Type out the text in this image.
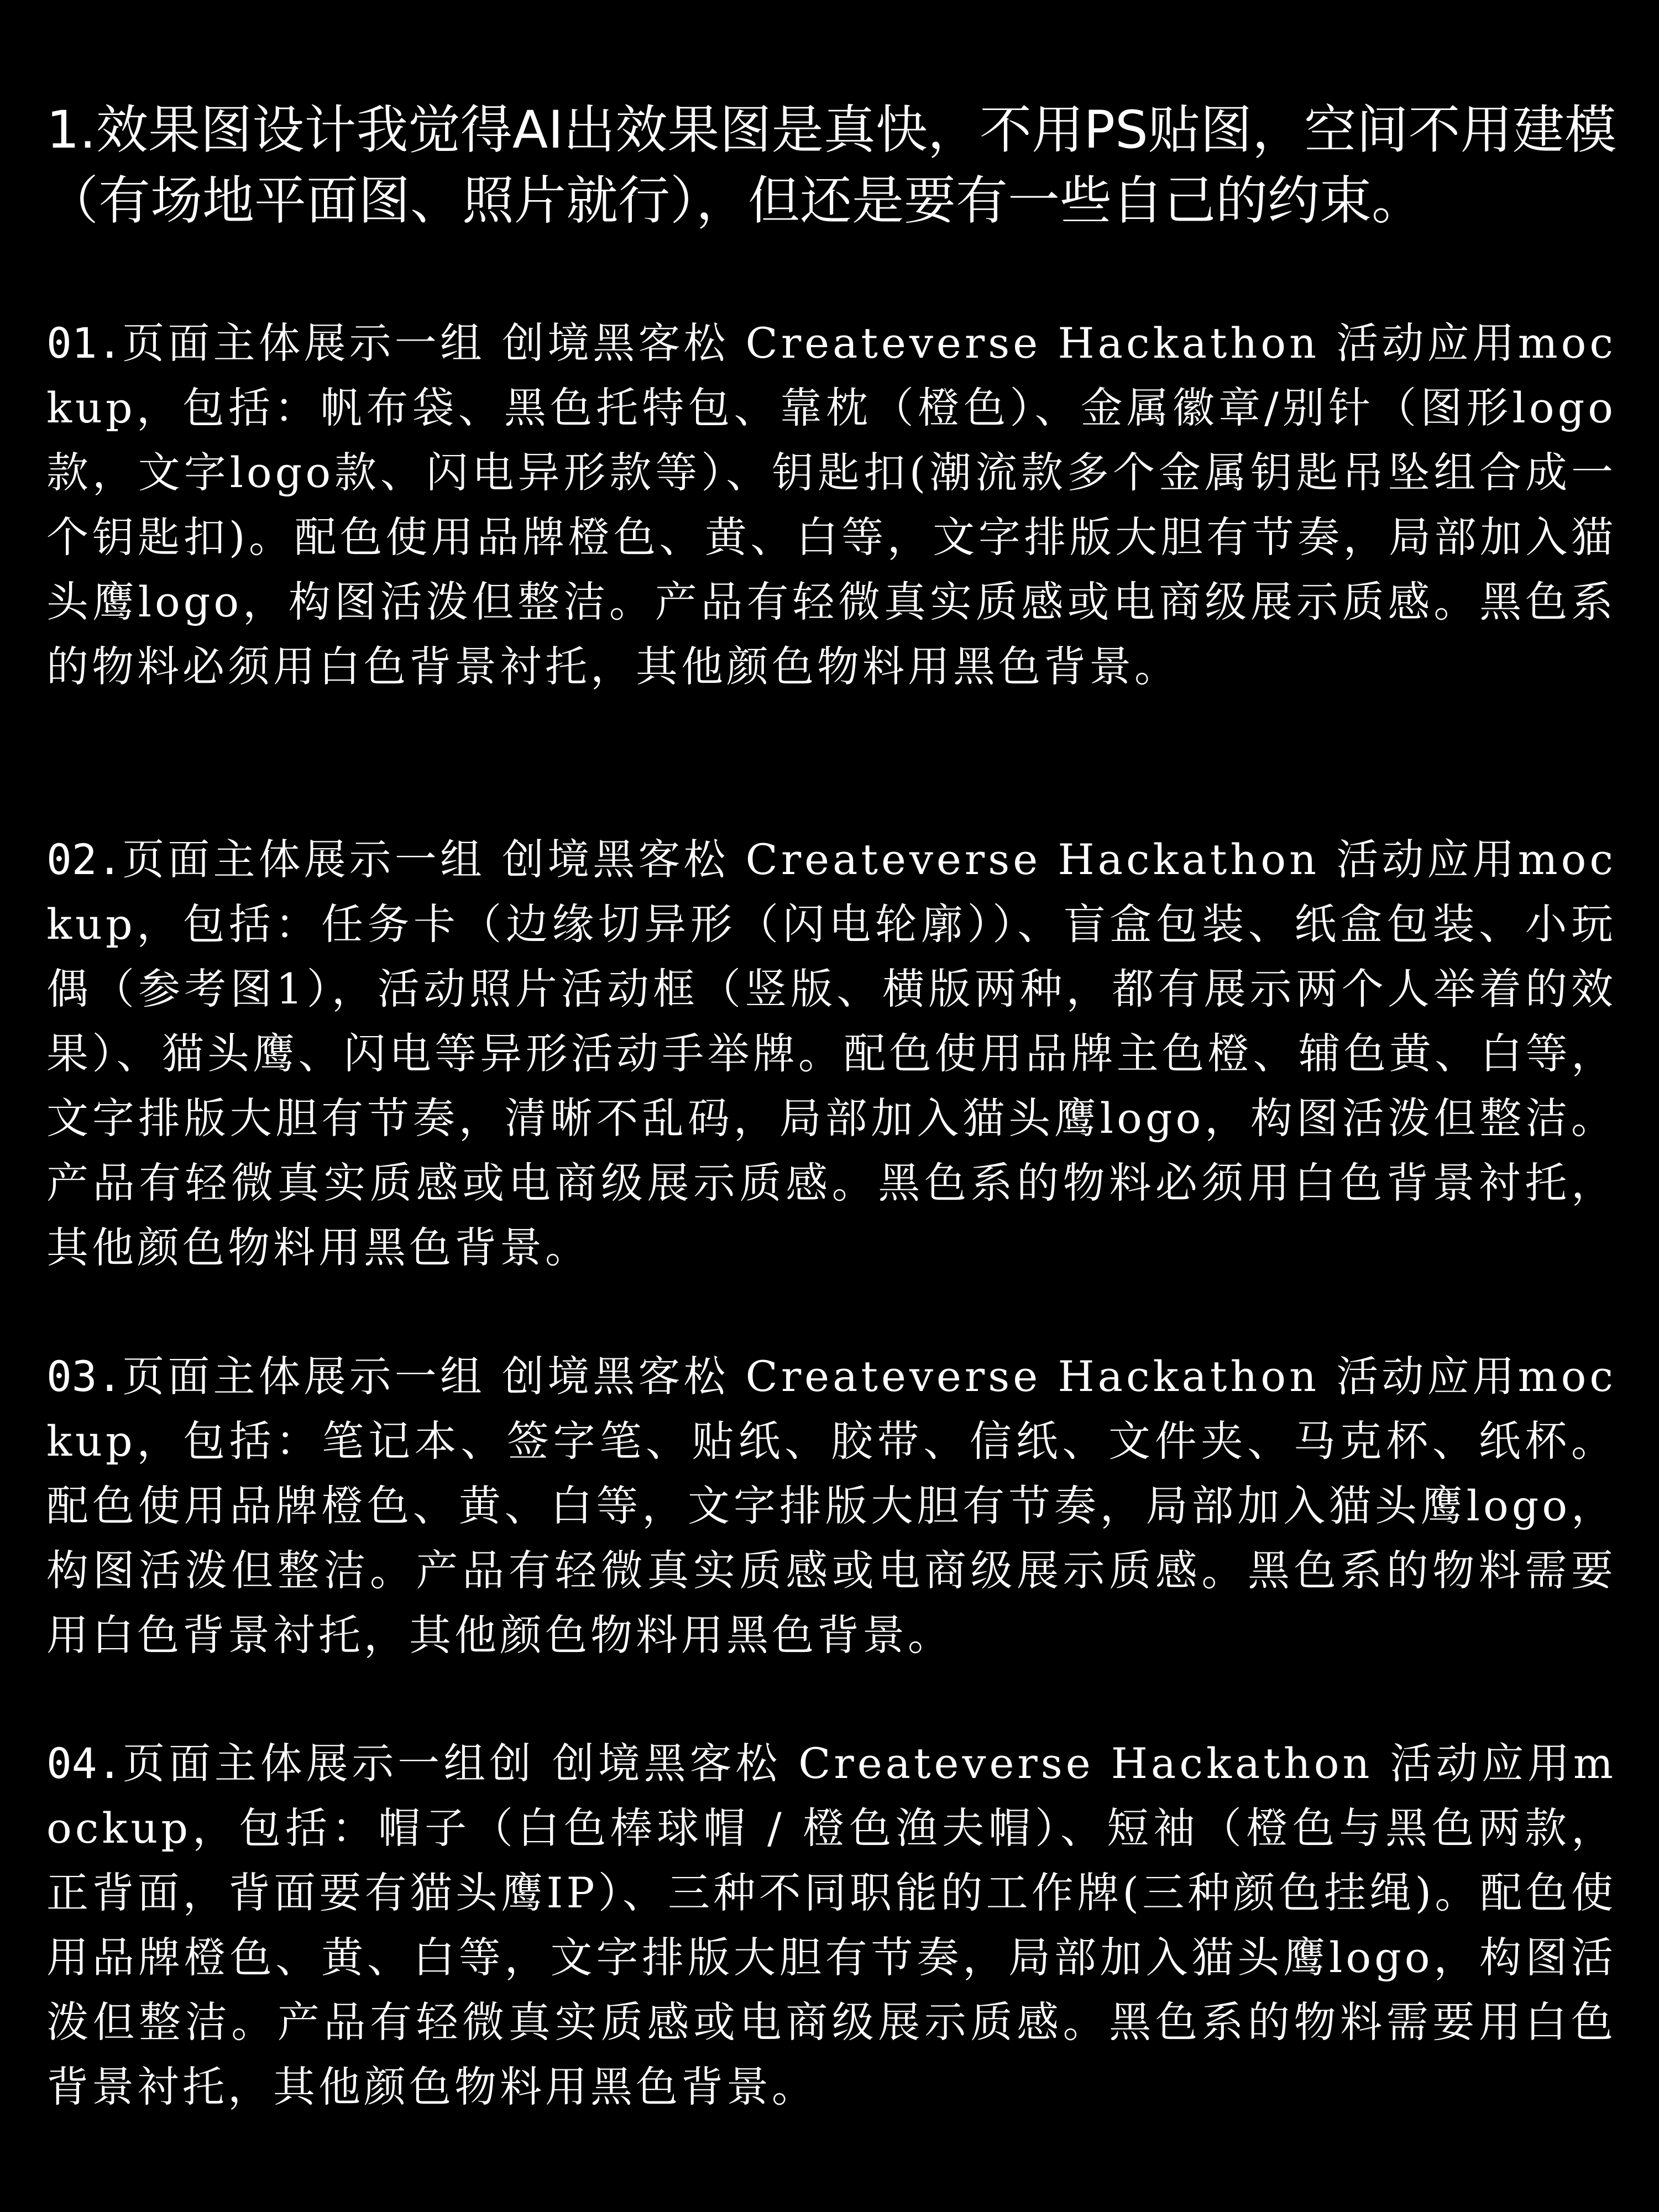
1.效果图设计我觉得AI出效果图是真快，不用PS贴图，空间不用建模（有场地平面图、照片就行），但还是要有一些自己的约束。

01.页面主体展示一组 创境黑客松 Createverse Hackathon 活动应用mockup，包括：帆布袋、黑色托特包、靠枕（橙色）、金属徽章/别针（图形logo款，文字logo款、闪电异形款等）、钥匙扣(潮流款多个金属钥匙吊坠组合成一个钥匙扣)。配色使用品牌橙色、黄、白等，文字排版大胆有节奏，局部加入猫头鹰logo，构图活泼但整洁。产品有轻微真实质感或电商级展示质感。黑色系的物料必须用白色背景衬托，其他颜色物料用黑色背景。

02.页面主体展示一组 创境黑客松 Createverse Hackathon 活动应用mockup，包括：任务卡（边缘切异形（闪电轮廓））、盲盒包装、纸盒包装、小玩偶（参考图1），活动照片活动框（竖版、横版两种，都有展示两个人举着的效果）、猫头鹰、闪电等异形活动手举牌。配色使用品牌主色橙、辅色黄、白等，文字排版大胆有节奏，清晰不乱码，局部加入猫头鹰logo，构图活泼但整洁。产品有轻微真实质感或电商级展示质感。黑色系的物料必须用白色背景衬托，其他颜色物料用黑色背景。

03.页面主体展示一组 创境黑客松 Createverse Hackathon 活动应用mockup，包括：笔记本、签字笔、贴纸、胶带、信纸、文件夹、马克杯、纸杯。配色使用品牌橙色、黄、白等，文字排版大胆有节奏，局部加入猫头鹰logo，构图活泼但整洁。产品有轻微真实质感或电商级展示质感。黑色系的物料需要用白色背景衬托，其他颜色物料用黑色背景。

04.页面主体展示一组创 创境黑客松 Createverse Hackathon 活动应用mockup，包括：帽子（白色棒球帽 / 橙色渔夫帽）、短袖（橙色与黑色两款，正背面，背面要有猫头鹰IP）、三种不同职能的工作牌(三种颜色挂绳)。配色使用品牌橙色、黄、白等，文字排版大胆有节奏，局部加入猫头鹰logo，构图活泼但整洁。产品有轻微真实质感或电商级展示质感。黑色系的物料需要用白色背景衬托，其他颜色物料用黑色背景。
